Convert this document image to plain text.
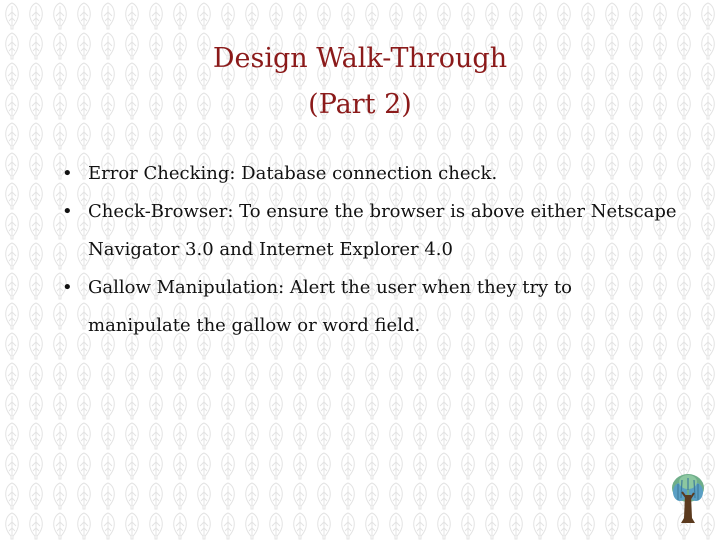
Design Walk-Through
(Part 2)
• Error Checking: Database connection check.
• Check-Browser: To ensure the browser is above either Netscape Navigator 3.0 and Internet Explorer 4.0
• Gallow Manipulation: Alert the user when they try to manipulate the gallow or word field.
